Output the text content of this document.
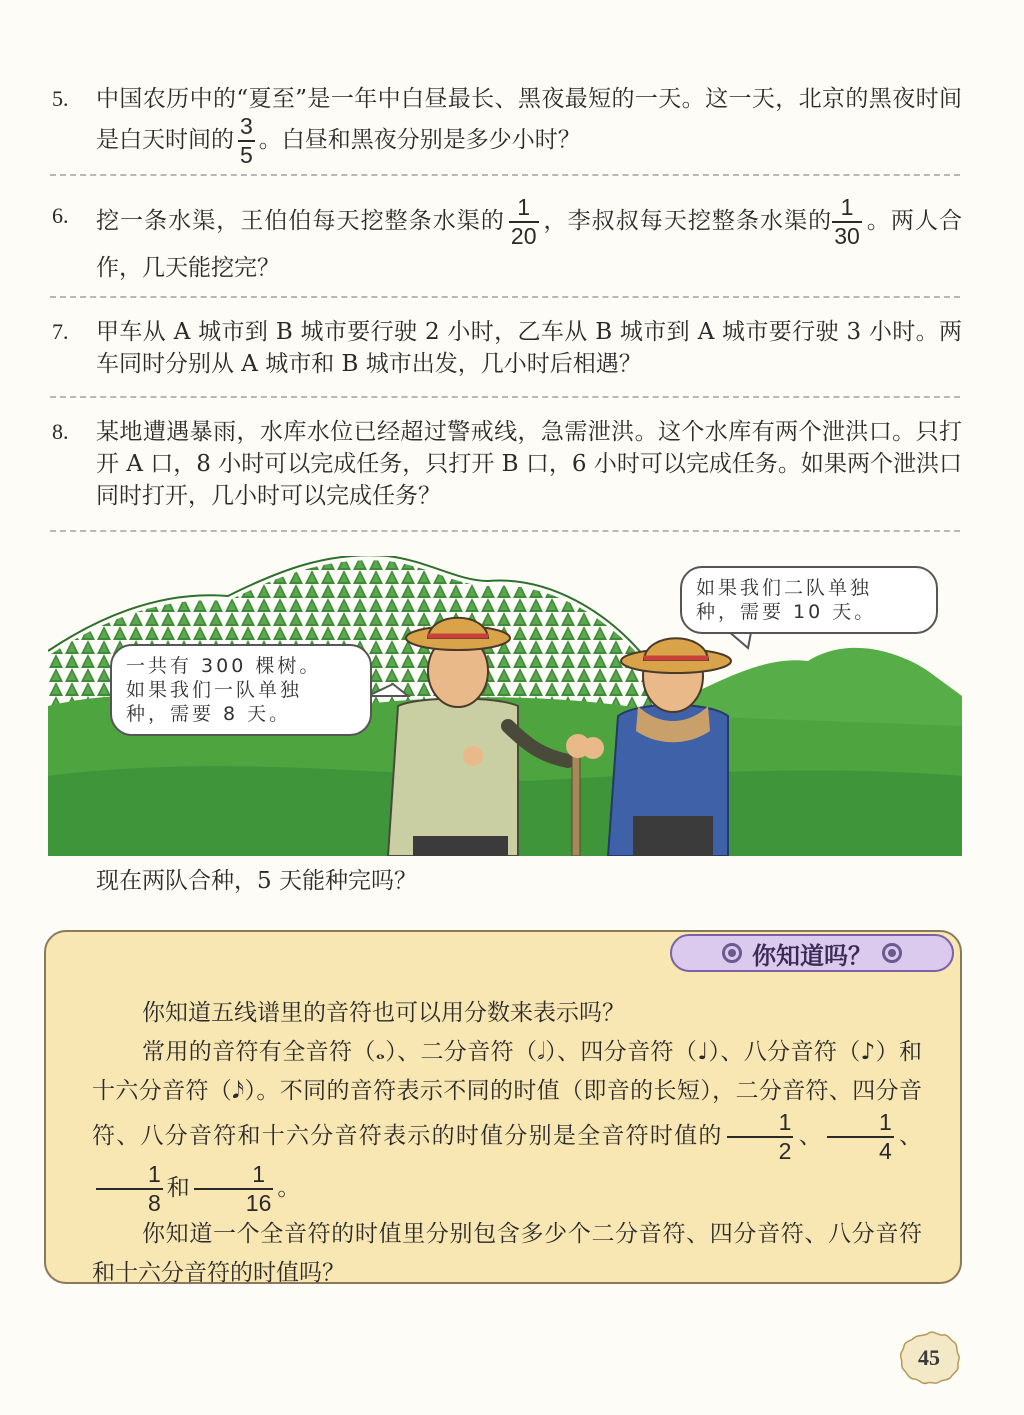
5. 中国农历中的“夏至”是一年中白昼最长、黑夜最短的一天。这一天，北京的黑夜时间是白天时间的 $\frac{3}{5}$ 。白昼和黑夜分别是多少小时？
6. 挖一条水渠，王伯伯每天挖整条水渠的 $\frac{1}{20}$ ，李叔叔每天挖整条水渠的 $\frac{1}{30}$ 。两人合作，几天能挖完？
7. 甲车从 A 城市到 B 城市要行驶 2 小时，乙车从 B 城市到 A 城市要行驶 3 小时。两车同时分别从 A 城市和 B 城市出发，几小时后相遇？
8. 某地遭遇暴雨，水库水位已经超过警戒线，急需泄洪。这个水库有两个泄洪口。只打开 A 口，8 小时可以完成任务，只打开 B 口，6 小时可以完成任务。如果两个泄洪口同时打开，几小时可以完成任务？
一共有 300 棵树。
如果我们一队单独
种，需要 8 天。
如果我们二队单独
种，需要 10 天。
现在两队合种，5 天能种完吗？
你知道吗？

你知道五线谱里的音符也可以用分数来表示吗？

常用的音符有全音符（𝅝）、二分音符（𝅗𝅥）、四分音符（♩）、八分音符（♪）和十六分音符（𝅘𝅥𝅯）。不同的音符表示不同的时值（即音的长短），二分音符、四分音符、八分音符和十六分音符表示的时值分别是全音符时值的 $\frac{1}{2}$ 、 $\frac{1}{4}$ 、
$\frac{1}{8}$ 和 $\frac{1}{16}$ 。

你知道一个全音符的时值里分别包含多少个二分音符、四分音符、八分音符和十六分音符的时值吗？

45
